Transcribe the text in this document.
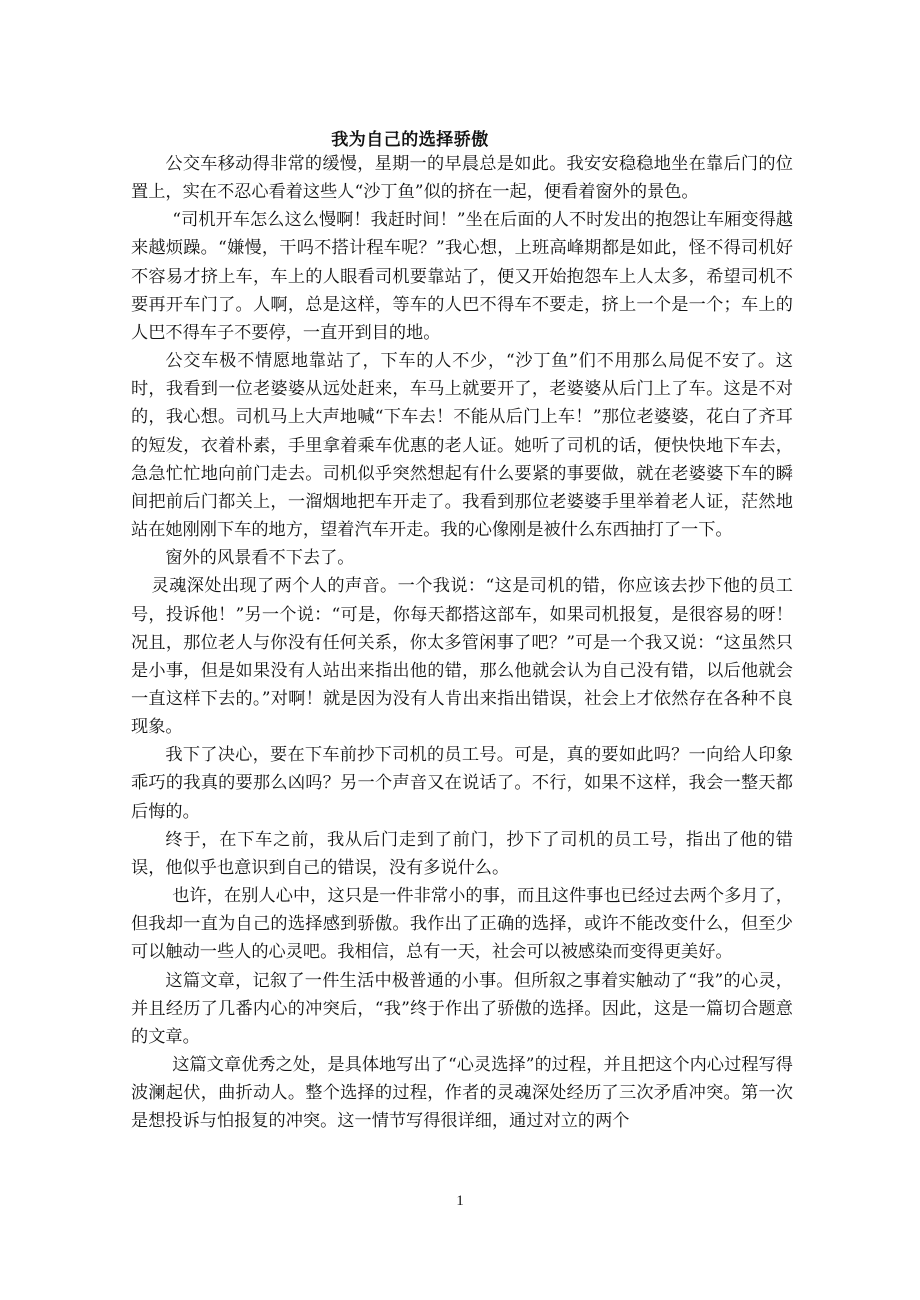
我为自己的选择骄傲

公交车移动得非常的缓慢，星期一的早晨总是如此。我安安稳稳地坐在靠后门的位置上，实在不忍心看着这些人“沙丁鱼”似的挤在一起，便看着窗外的景色。

“司机开车怎么这么慢啊！我赶时间！”坐在后面的人不时发出的抱怨让车厢变得越来越烦躁。“嫌慢，干吗不搭计程车呢？”我心想，上班高峰期都是如此，怪不得司机好不容易才挤上车，车上的人眼看司机要靠站了，便又开始抱怨车上人太多，希望司机不要再开车门了。人啊，总是这样，等车的人巴不得车不要走，挤上一个是一个；车上的人巴不得车子不要停，一直开到目的地。

公交车极不情愿地靠站了，下车的人不少，“沙丁鱼”们不用那么局促不安了。这时，我看到一位老婆婆从远处赶来，车马上就要开了，老婆婆从后门上了车。这是不对的，我心想。司机马上大声地喊“下车去！不能从后门上车！”那位老婆婆，花白了齐耳的短发，衣着朴素，手里拿着乘车优惠的老人证。她听了司机的话，便快快地下车去，急急忙忙地向前门走去。司机似乎突然想起有什么要紧的事要做，就在老婆婆下车的瞬间把前后门都关上，一溜烟地把车开走了。我看到那位老婆婆手里举着老人证，茫然地站在她刚刚下车的地方，望着汽车开走。我的心像刚是被什么东西抽打了一下。

窗外的风景看不下去了。

灵魂深处出现了两个人的声音。一个我说：“这是司机的错，你应该去抄下他的员工号，投诉他！”另一个说：“可是，你每天都搭这部车，如果司机报复，是很容易的呀！况且，那位老人与你没有任何关系，你太多管闲事了吧？”可是一个我又说：“这虽然只是小事，但是如果没有人站出来指出他的错，那么他就会认为自己没有错，以后他就会一直这样下去的。”对啊！就是因为没有人肯出来指出错误，社会上才依然存在各种不良现象。

我下了决心，要在下车前抄下司机的员工号。可是，真的要如此吗？一向给人印象乖巧的我真的要那么凶吗？另一个声音又在说话了。不行，如果不这样，我会一整天都后悔的。

终于，在下车之前，我从后门走到了前门，抄下了司机的员工号，指出了他的错误，他似乎也意识到自己的错误，没有多说什么。

也许，在别人心中，这只是一件非常小的事，而且这件事也已经过去两个多月了，但我却一直为自己的选择感到骄傲。我作出了正确的选择，或许不能改变什么，但至少可以触动一些人的心灵吧。我相信，总有一天，社会可以被感染而变得更美好。

这篇文章，记叙了一件生活中极普通的小事。但所叙之事着实触动了“我”的心灵，并且经历了几番内心的冲突后，“我”终于作出了骄傲的选择。因此，这是一篇切合题意的文章。

这篇文章优秀之处，是具体地写出了“心灵选择”的过程，并且把这个内心过程写得波澜起伏，曲折动人。整个选择的过程，作者的灵魂深处经历了三次矛盾冲突。第一次是想投诉与怕报复的冲突。这一情节写得很详细，通过对立的两个

1
